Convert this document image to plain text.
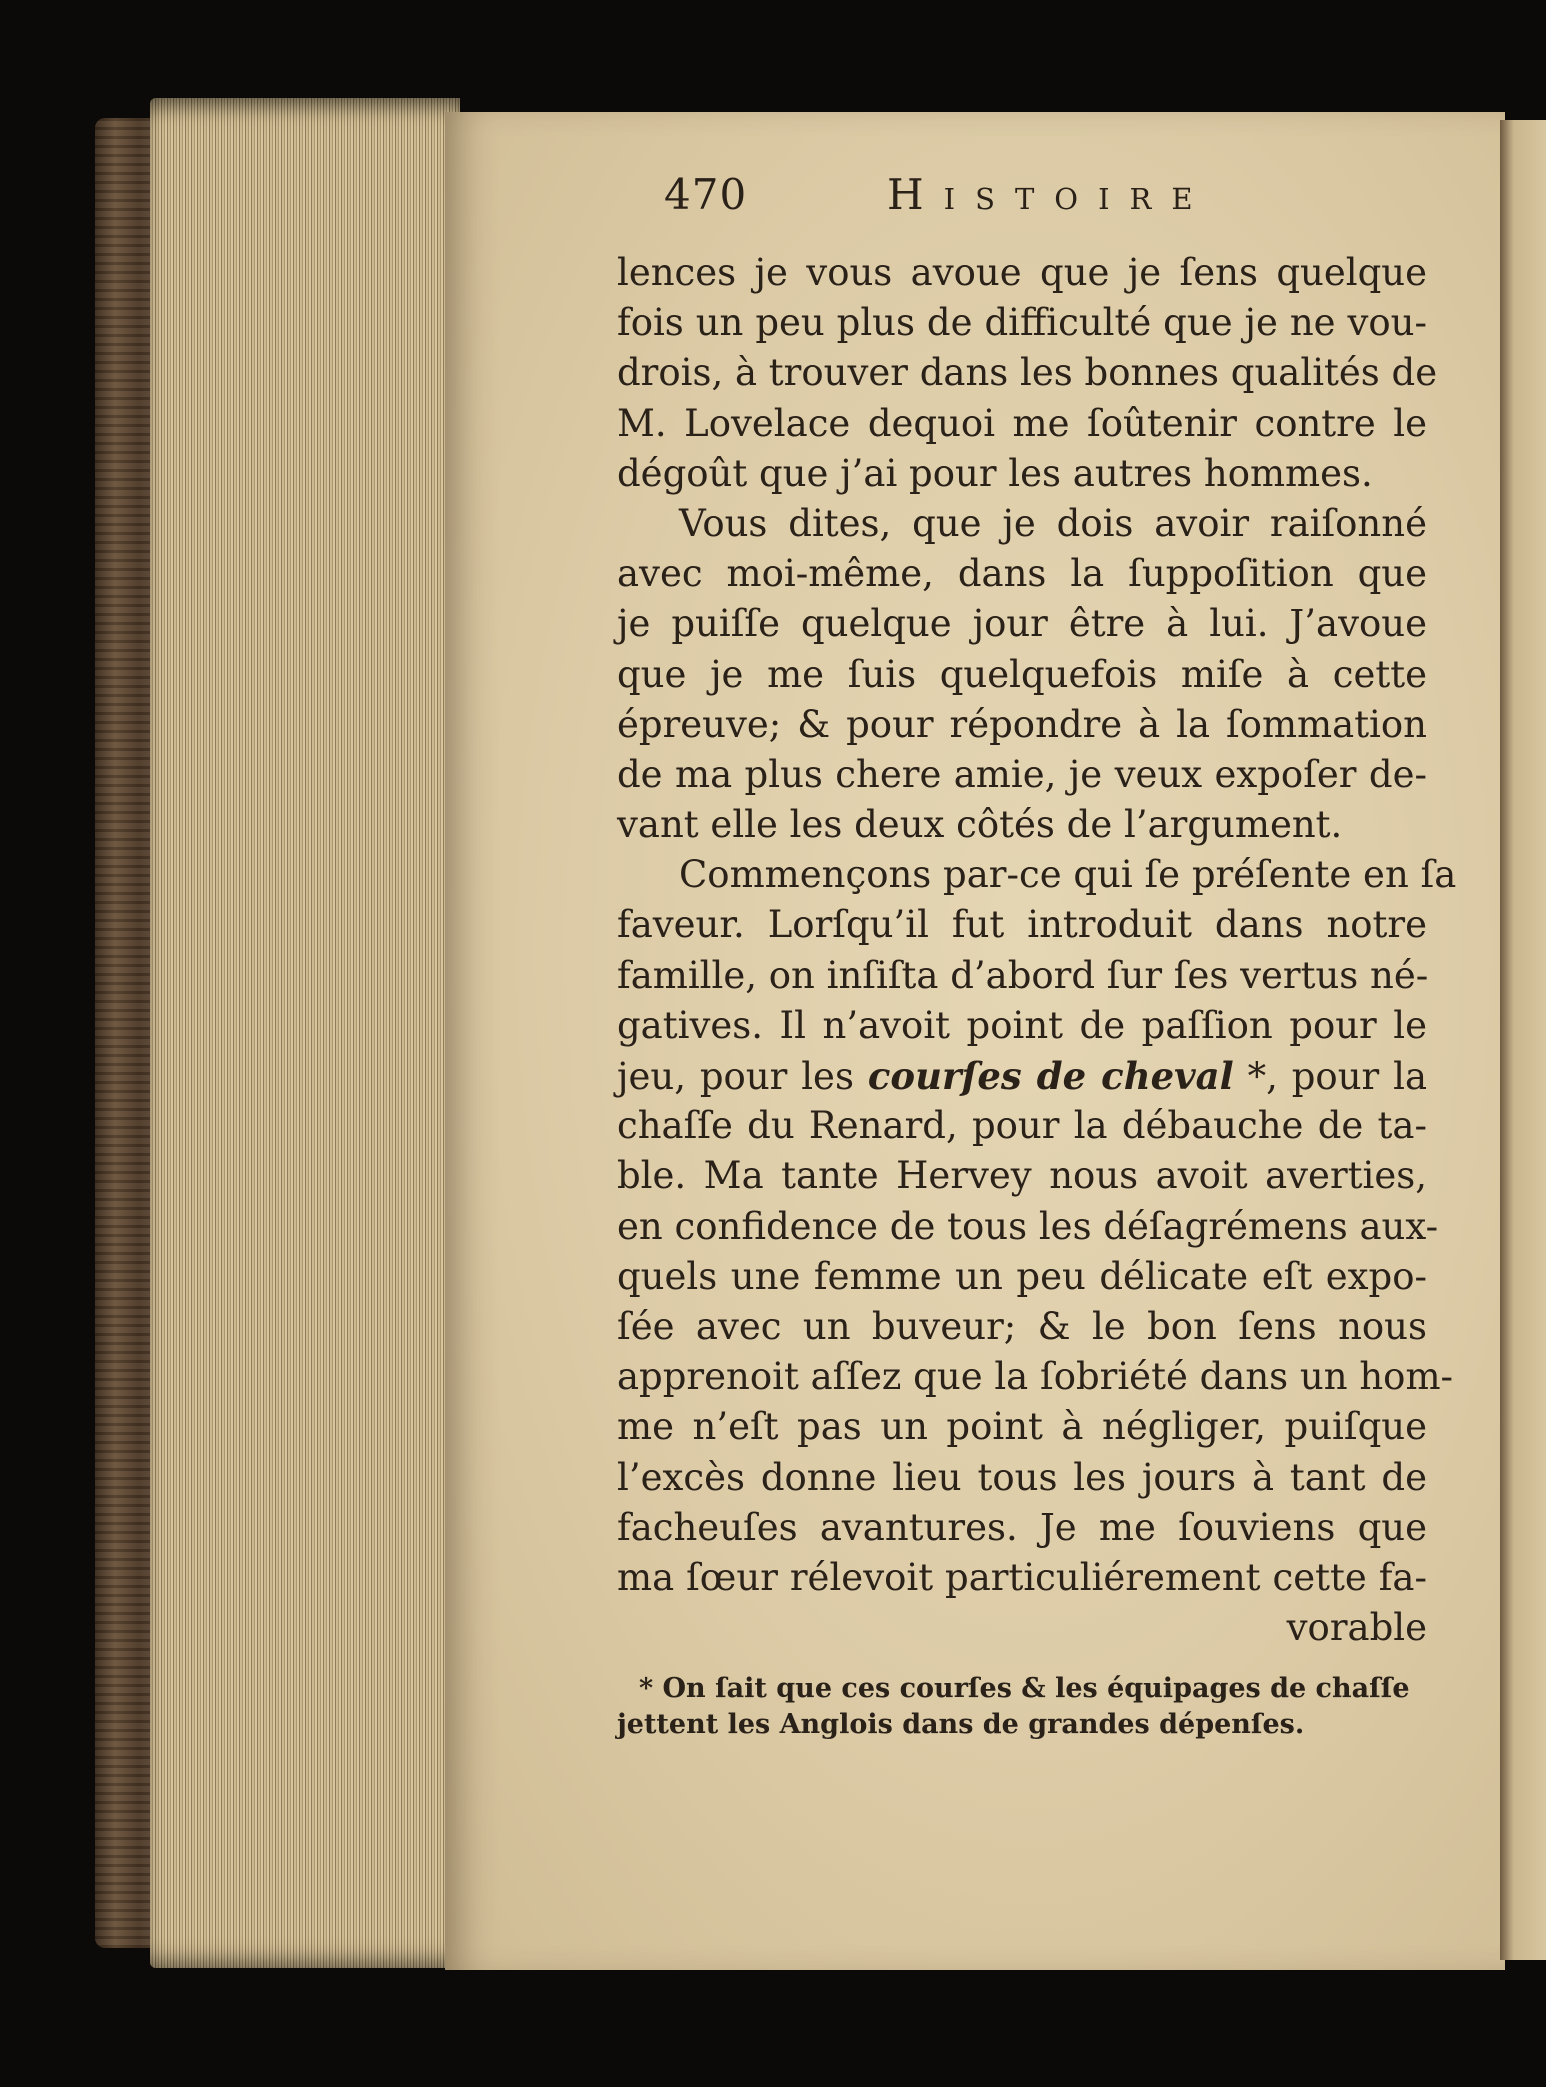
470	Histoire
lences je vous avoue que je ſens quelque
fois un peu plus de difficulté que je ne vou-
drois, à trouver dans les bonnes qualités de
M. Lovelace dequoi me ſoûtenir contre le
dégoût que j’ai pour les autres hommes.
Vous dites, que je dois avoir raiſonné
avec moi-même, dans la ſuppoſition que
je puiſſe quelque jour être à lui. J’avoue
que je me ſuis quelquefois miſe à cette
épreuve; & pour répondre à la ſommation
de ma plus chere amie, je veux expoſer de-
vant elle les deux côtés de l’argument.
Commençons par-ce qui ſe préſente en ſa
faveur. Lorſqu’il fut introduit dans notre
famille, on inſiſta d’abord ſur ſes vertus né-
gatives. Il n’avoit point de paſſion pour le
jeu, pour les courſes de cheval *, pour la
chaſſe du Renard, pour la débauche de ta-
ble. Ma tante Hervey nous avoit averties,
en confidence de tous les déſagrémens aux-
quels une femme un peu délicate eſt expo-
ſée avec un buveur; & le bon ſens nous
apprenoit aſſez que la ſobriété dans un hom-
me n’eſt pas un point à négliger, puiſque
l’excès donne lieu tous les jours à tant de
facheuſes avantures. Je me ſouviens que
ma ſœur rélevoit particuliérement cette fa-
vorable
* On ſait que ces courſes & les équipages de chaſſe
jettent les Anglois dans de grandes dépenſes.
